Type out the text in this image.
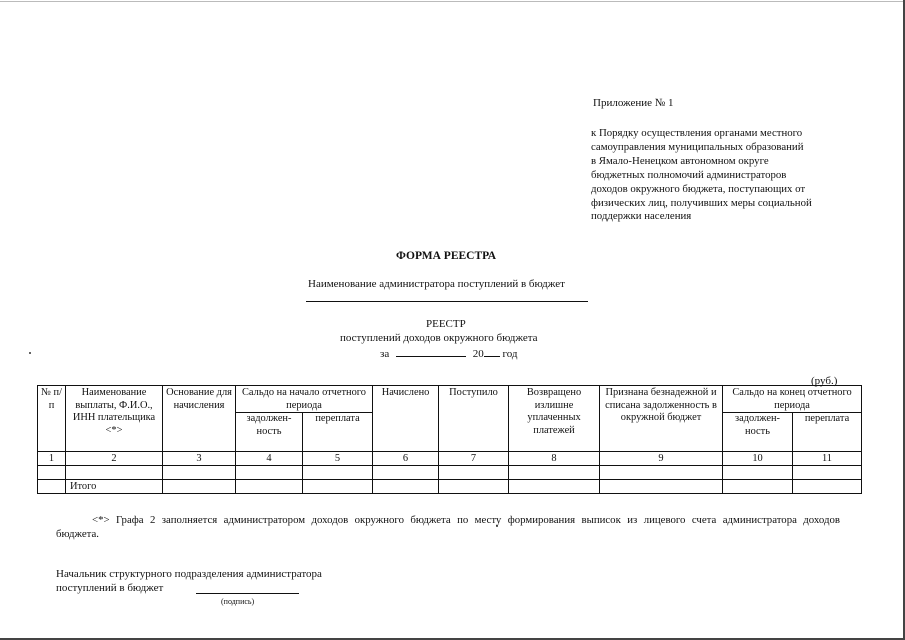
Приложение № 1
к Порядку осуществления органами местного
самоуправления муниципальных образований
в Ямало-Ненецком автономном округе
бюджетных полномочий администраторов
доходов окружного бюджета, поступающих от
физических лиц, получивших меры социальной
поддержки населения
ФОРМА РЕЕСТРА
Наименование администратора поступлений в бюджет
РЕЕСТР
поступлений доходов окружного бюджета
за	20 год
(руб.)
№ п/п	Наименование выплаты, Ф.И.О., ИНН плательщика <*>	Основание для начисления	Сальдо на начало отчетного периода		Начислено	Поступило	Возвращено излишне уплаченных платежей	Признана безнадежной и списана задолженность в окружной бюджет	Сальдо на конец отчетного периода	
			задолжен- ность	переплата					задолжен- ность	переплата
1	2	3	4	5	6	7	8	9	10	11

	Итого									
<*> Графа 2 заполняется администратором доходов окружного бюджета по месту формирования выписок из лицевого счета администратора доходов бюджета.
Начальник структурного подразделения администратора
поступлений в бюджет
(подпись)
